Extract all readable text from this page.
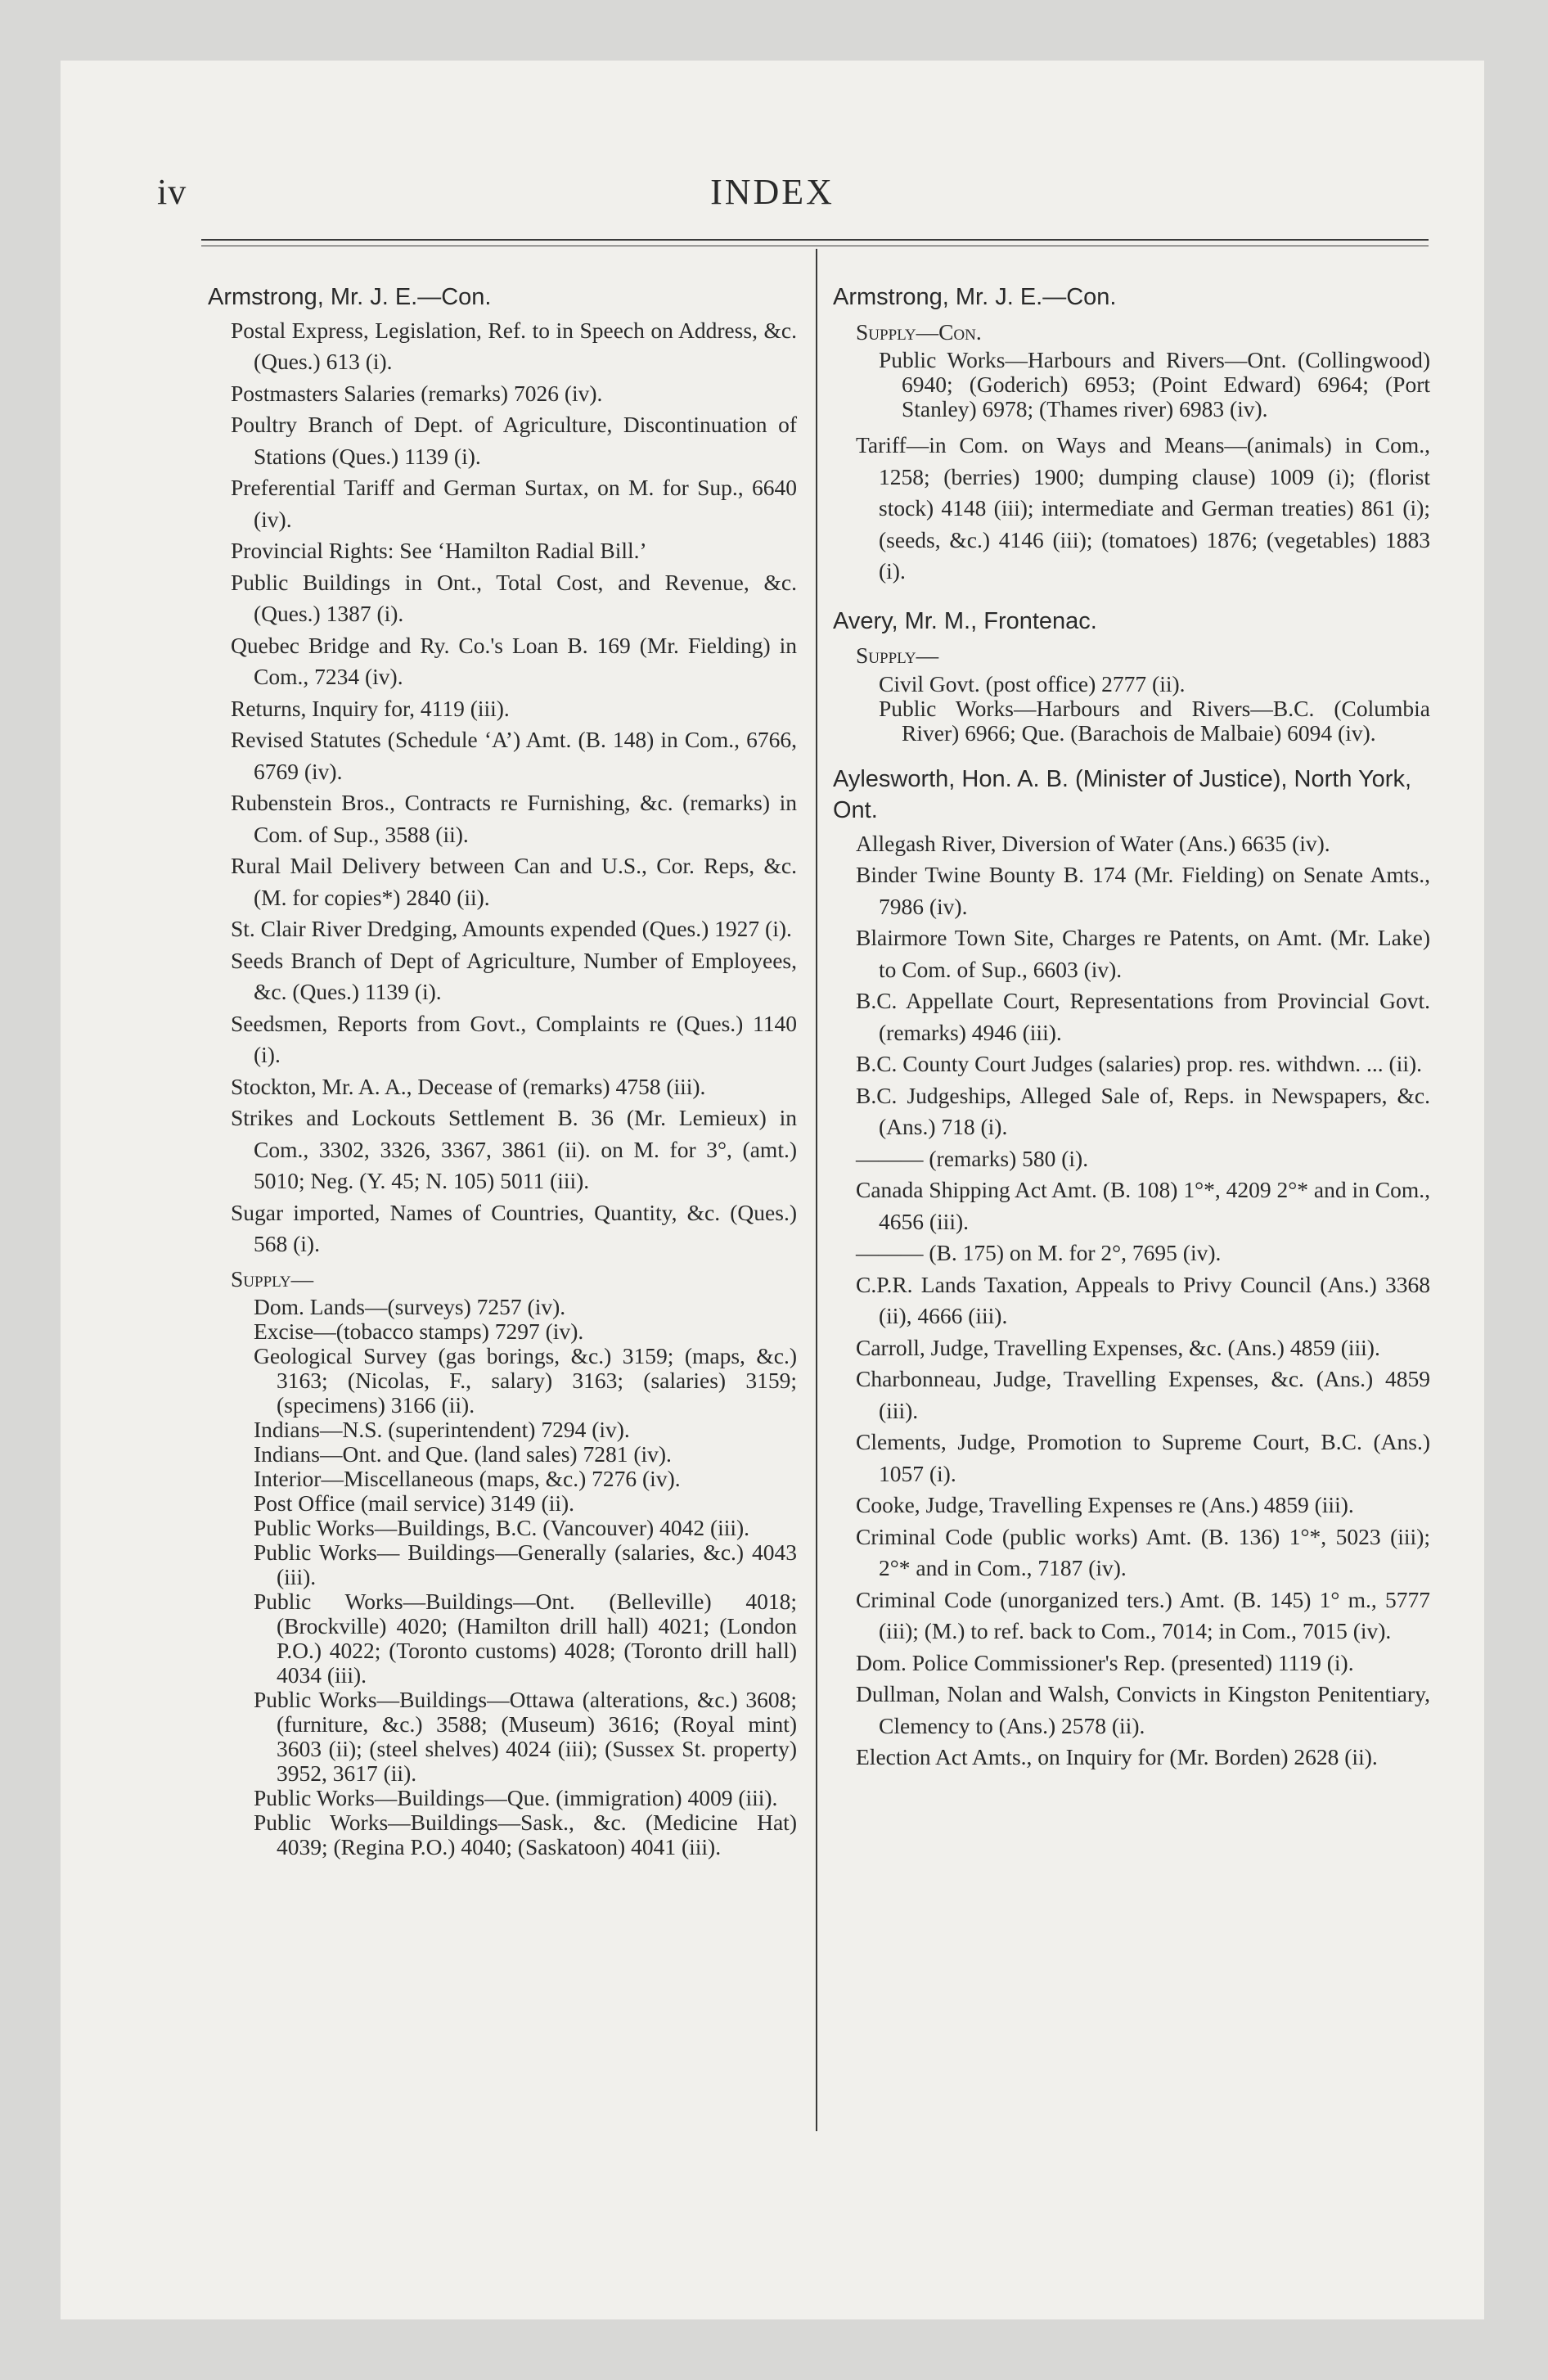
iv	INDEX

Armstrong, Mr. J. E.—Con.

Postal Express, Legislation, Ref. to in Speech on Address, &c. (Ques.) 613 (i).

Postmasters Salaries (remarks) 7026 (iv).

Poultry Branch of Dept. of Agriculture, Discontinuation of Stations (Ques.) 1139 (i).

Preferential Tariff and German Surtax, on M. for Sup., 6640 (iv).

Provincial Rights: See ‘Hamilton Radial Bill.’

Public Buildings in Ont., Total Cost, and Revenue, &c. (Ques.) 1387 (i).

Quebec Bridge and Ry. Co.'s Loan B. 169 (Mr. Fielding) in Com., 7234 (iv).

Returns, Inquiry for, 4119 (iii).

Revised Statutes (Schedule ‘A’) Amt. (B. 148) in Com., 6766, 6769 (iv).

Rubenstein Bros., Contracts re Furnishing, &c. (remarks) in Com. of Sup., 3588 (ii).

Rural Mail Delivery between Can and U.S., Cor. Reps, &c. (M. for copies*) 2840 (ii).

St. Clair River Dredging, Amounts expended (Ques.) 1927 (i).

Seeds Branch of Dept of Agriculture, Number of Employees, &c. (Ques.) 1139 (i).

Seedsmen, Reports from Govt., Complaints re (Ques.) 1140 (i).

Stockton, Mr. A. A., Decease of (remarks) 4758 (iii).

Strikes and Lockouts Settlement B. 36 (Mr. Lemieux) in Com., 3302, 3326, 3367, 3861 (ii). on M. for 3°, (amt.) 5010; Neg. (Y. 45; N. 105) 5011 (iii).

Sugar imported, Names of Countries, Quantity, &c. (Ques.) 568 (i).

Supply—

Dom. Lands—(surveys) 7257 (iv).

Excise—(tobacco stamps) 7297 (iv).

Geological Survey (gas borings, &c.) 3159; (maps, &c.) 3163; (Nicolas, F., salary) 3163; (salaries) 3159; (specimens) 3166 (ii).

Indians—N.S. (superintendent) 7294 (iv).

Indians—Ont. and Que. (land sales) 7281 (iv).

Interior—Miscellaneous (maps, &c.) 7276 (iv).

Post Office (mail service) 3149 (ii).

Public Works—Buildings, B.C. (Vancouver) 4042 (iii).

Public Works— Buildings—Generally (salaries, &c.) 4043 (iii).

Public Works—Buildings—Ont. (Belleville) 4018; (Brockville) 4020; (Hamilton drill hall) 4021; (London P.O.) 4022; (Toronto customs) 4028; (Toronto drill hall) 4034 (iii).

Public Works—Buildings—Ottawa (alterations, &c.) 3608; (furniture, &c.) 3588; (Museum) 3616; (Royal mint) 3603 (ii); (steel shelves) 4024 (iii); (Sussex St. property) 3952, 3617 (ii).

Public Works—Buildings—Que. (immigration) 4009 (iii).

Public Works—Buildings—Sask., &c. (Medicine Hat) 4039; (Regina P.O.) 4040; (Saskatoon) 4041 (iii).

Armstrong, Mr. J. E.—Con.

Supply—Con.

Public Works—Harbours and Rivers—Ont. (Collingwood) 6940; (Goderich) 6953; (Point Edward) 6964; (Port Stanley) 6978; (Thames river) 6983 (iv).

Tariff—in Com. on Ways and Means—(animals) in Com., 1258; (berries) 1900; dumping clause) 1009 (i); (florist stock) 4148 (iii); intermediate and German treaties) 861 (i); (seeds, &c.) 4146 (iii); (tomatoes) 1876; (vegetables) 1883 (i).

Avery, Mr. M., Frontenac.

Supply—

Civil Govt. (post office) 2777 (ii).

Public Works—Harbours and Rivers—B.C. (Columbia River) 6966; Que. (Barachois de Malbaie) 6094 (iv).

Aylesworth, Hon. A. B. (Minister of Justice), North York, Ont.

Allegash River, Diversion of Water (Ans.) 6635 (iv).

Binder Twine Bounty B. 174 (Mr. Fielding) on Senate Amts., 7986 (iv).

Blairmore Town Site, Charges re Patents, on Amt. (Mr. Lake) to Com. of Sup., 6603 (iv).

B.C. Appellate Court, Representations from Provincial Govt. (remarks) 4946 (iii).

B.C. County Court Judges (salaries) prop. res. withdwn. ... (ii).

B.C. Judgeships, Alleged Sale of, Reps. in Newspapers, &c. (Ans.) 718 (i).

——— (remarks) 580 (i).

Canada Shipping Act Amt. (B. 108) 1°*, 4209 2°* and in Com., 4656 (iii).

——— (B. 175) on M. for 2°, 7695 (iv).

C.P.R. Lands Taxation, Appeals to Privy Council (Ans.) 3368 (ii), 4666 (iii).

Carroll, Judge, Travelling Expenses, &c. (Ans.) 4859 (iii).

Charbonneau, Judge, Travelling Expenses, &c. (Ans.) 4859 (iii).

Clements, Judge, Promotion to Supreme Court, B.C. (Ans.) 1057 (i).

Cooke, Judge, Travelling Expenses re (Ans.) 4859 (iii).

Criminal Code (public works) Amt. (B. 136) 1°*, 5023 (iii); 2°* and in Com., 7187 (iv).

Criminal Code (unorganized ters.) Amt. (B. 145) 1° m., 5777 (iii); (M.) to ref. back to Com., 7014; in Com., 7015 (iv).

Dom. Police Commissioner's Rep. (presented) 1119 (i).

Dullman, Nolan and Walsh, Convicts in Kingston Penitentiary, Clemency to (Ans.) 2578 (ii).

Election Act Amts., on Inquiry for (Mr. Borden) 2628 (ii).
